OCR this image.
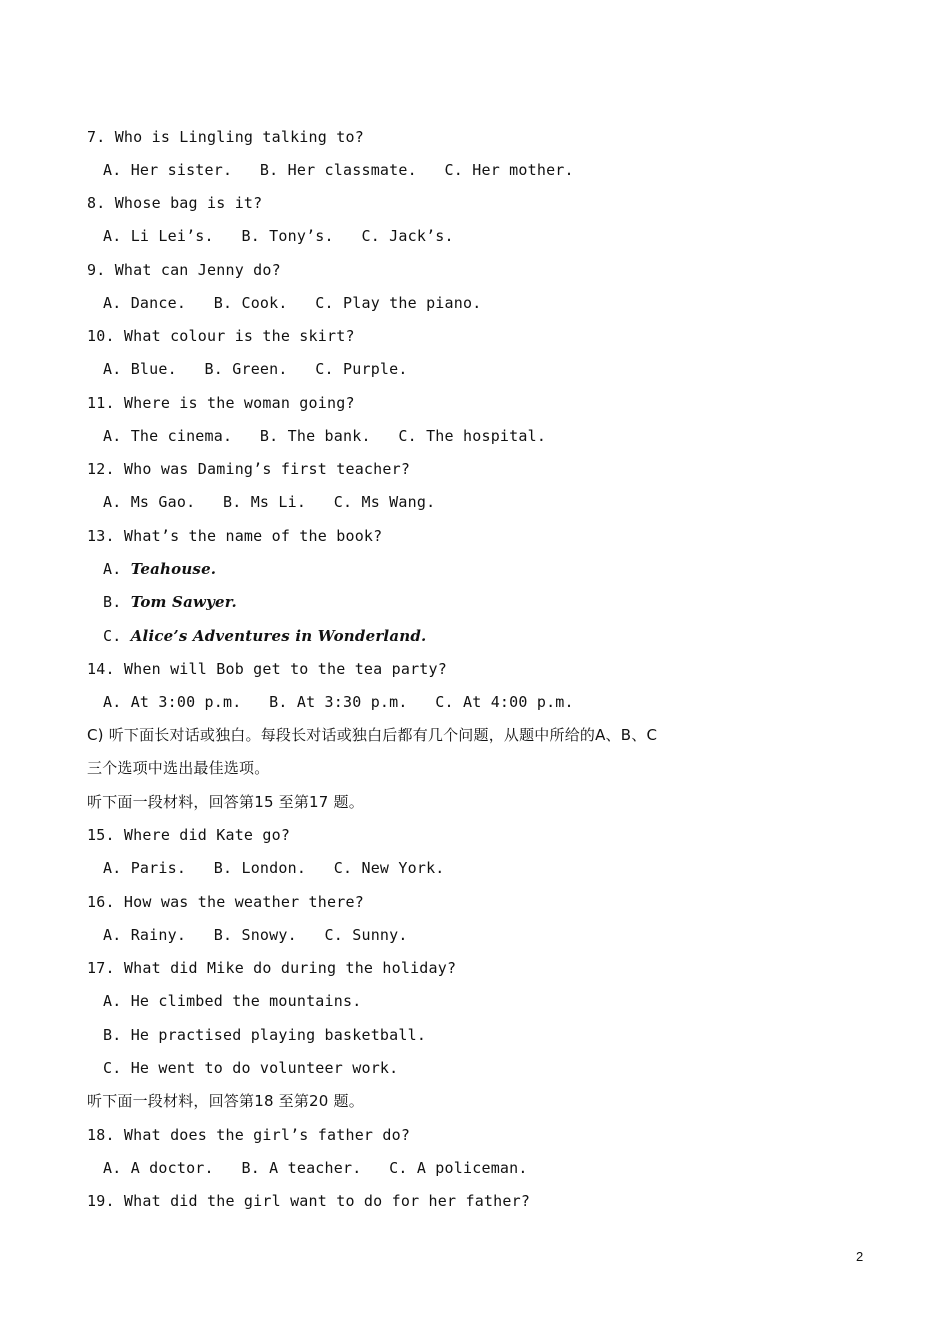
7. Who is Lingling talking to?
A. Her sister.   B. Her classmate.   C. Her mother.
8. Whose bag is it?
A. Li Lei’s.   B. Tony’s.   C. Jack’s.
9. What can Jenny do?
A. Dance.   B. Cook.   C. Play the piano.
10. What colour is the skirt?
A. Blue.   B. Green.   C. Purple.
11. Where is the woman going?
A. The cinema.   B. The bank.   C. The hospital.
12. Who was Daming’s first teacher?
A. Ms Gao.   B. Ms Li.   C. Ms Wang.
13. What’s the name of the book?
A. Teahouse.
B. Tom Sawyer.
C. Alice’s Adventures in Wonderland.
14. When will Bob get to the tea party?
A. At 3:00 p.m.   B. At 3:30 p.m.   C. At 4:00 p.m.
C) 听下面长对话或独白。每段长对话或独白后都有几个问题，从题中所给的A、B、C
三个选项中选出最佳选项。
听下面一段材料，回答第15 至第17 题。
15. Where did Kate go?
A. Paris.   B. London.   C. New York.
16. How was the weather there?
A. Rainy.   B. Snowy.   C. Sunny.
17. What did Mike do during the holiday?
A. He climbed the mountains.
B. He practised playing basketball.
C. He went to do volunteer work.
听下面一段材料，回答第18 至第20 题。
18. What does the girl’s father do?
A. A doctor.   B. A teacher.   C. A policeman.
19. What did the girl want to do for her father?
2
